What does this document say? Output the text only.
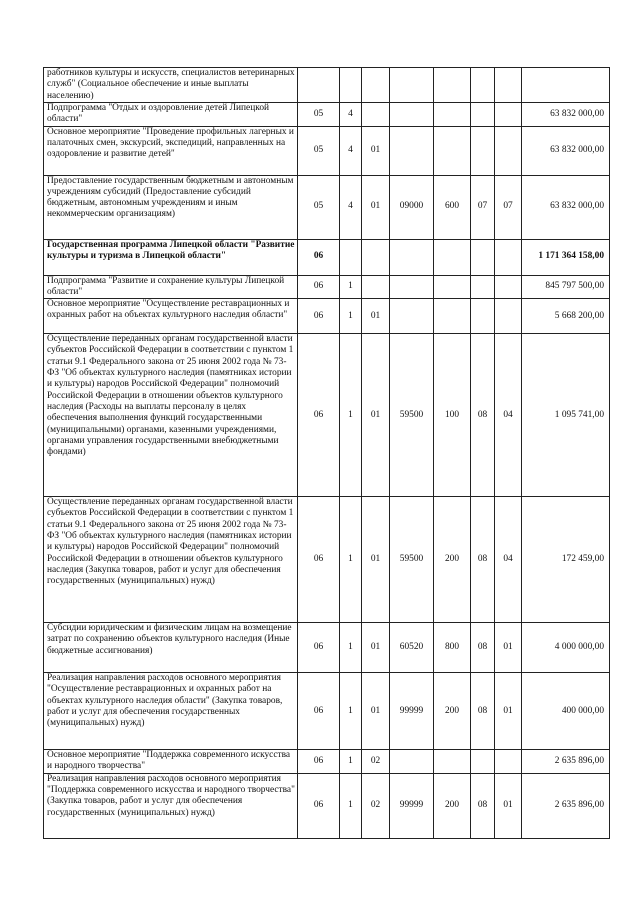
работников культуры и искусств, специалистов ветеринарных служб" (Социальное обеспечение и иные выплаты населению)								
Подпрограмма "Отдых и оздоровление детей Липецкой области"	05	4						63 832 000,00
Основное мероприятие "Проведение профильных лагерных и палаточных смен, экскурсий, экспедиций, направленных на оздоровление и развитие детей"	05	4	01					63 832 000,00
Предоставление государственным бюджетным и автономным учреждениям субсидий (Предоставление субсидий бюджетным, автономным учреждениям и иным некоммерческим организациям)	05	4	01	09000	600	07	07	63 832 000,00
Государственная программа Липецкой области "Развитие культуры и туризма в Липецкой области"	06							1 171 364 158,00
Подпрограмма "Развитие и сохранение культуры Липецкой области"	06	1						845 797 500,00
Основное мероприятие "Осуществление реставрационных и охранных работ на объектах культурного наследия области"	06	1	01					5 668 200,00
Осуществление переданных органам государственной власти субъектов Российской Федерации в соответствии с пунктом 1 статьи 9.1 Федерального закона от 25 июня 2002 года № 73-ФЗ "Об объектах культурного наследия (памятниках истории и культуры) народов Российской Федерации" полномочий Российской Федерации в отношении объектов культурного наследия (Расходы на выплаты персоналу в целях обеспечения выполнения функций государственными (муниципальными) органами, казенными учреждениями, органами управления государственными внебюджетными фондами)	06	1	01	59500	100	08	04	1 095 741,00
Осуществление переданных органам государственной власти субъектов Российской Федерации в соответствии с пунктом 1 статьи 9.1 Федерального закона от 25 июня 2002 года № 73-ФЗ "Об объектах культурного наследия (памятниках истории и культуры) народов Российской Федерации" полномочий Российской Федерации в отношении объектов культурного наследия (Закупка товаров, работ и услуг для обеспечения государственных (муниципальных) нужд)	06	1	01	59500	200	08	04	172 459,00
Субсидии юридическим и физическим лицам на возмещение затрат по сохранению объектов культурного наследия (Иные бюджетные ассигнования)	06	1	01	60520	800	08	01	4 000 000,00
Реализация направления расходов основного мероприятия "Осуществление реставрационных и охранных работ на объектах культурного наследия области" (Закупка товаров, работ и услуг для обеспечения государственных (муниципальных) нужд)	06	1	01	99999	200	08	01	400 000,00
Основное мероприятие "Поддержка современного искусства и народного творчества"	06	1	02					2 635 896,00
Реализация направления расходов основного мероприятия "Поддержка современного искусства и народного творчества" (Закупка товаров, работ и услуг для обеспечения государственных (муниципальных) нужд)	06	1	02	99999	200	08	01	2 635 896,00
